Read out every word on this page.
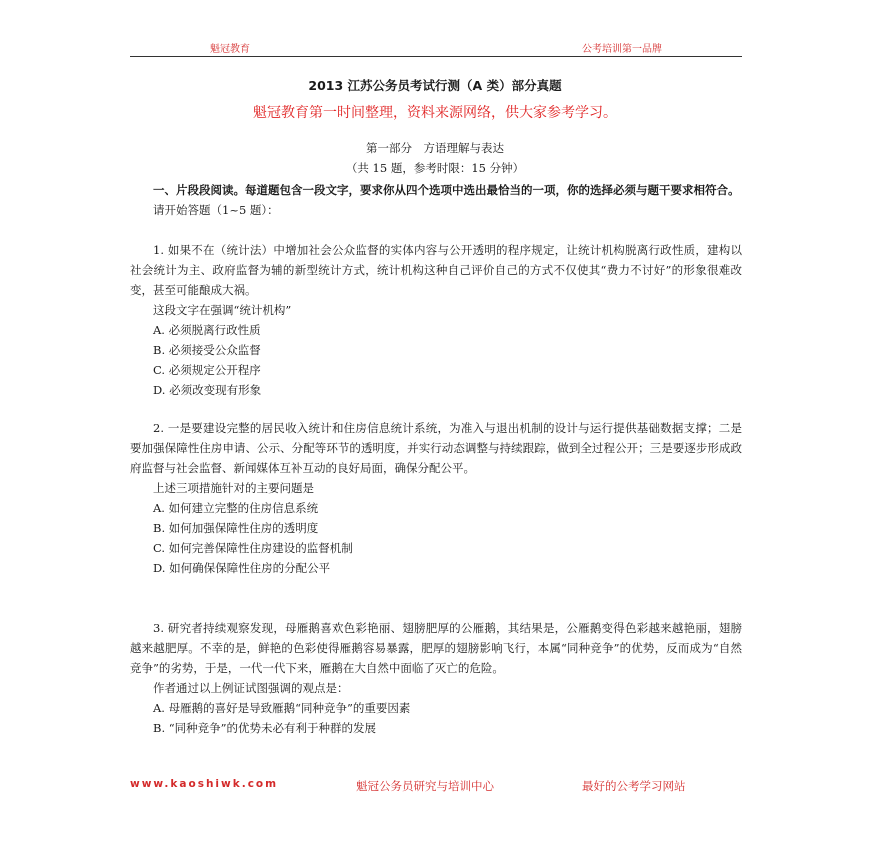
魁冠教育	公考培训第一品牌
2013 江苏公务员考试行测（A 类）部分真题
魁冠教育第一时间整理，资料来源网络，供大家参考学习。
第一部分　方语理解与表达
（共 15 题，参考时限：15 分钟）

一、片段段阅读。每道题包含一段文字，要求你从四个选项中选出最恰当的一项，你的选择必须与题干要求相符合。

请开始答题（1~5 题）：

1. 如果不在（统计法）中增加社会公众监督的实体内容与公开透明的程序规定，让统计机构脱离行政性质，建构以社会统计为主、政府监督为辅的新型统计方式，统计机构这种自己评价自己的方式不仅使其“费力不讨好”的形象很难改变，甚至可能酿成大祸。

这段文字在强调“统计机构”

A. 必须脱离行政性质

B. 必须接受公众监督

C. 必须规定公开程序

D. 必须改变现有形象

2. 一是要建设完整的居民收入统计和住房信息统计系统，为准入与退出机制的设计与运行提供基础数据支撑；二是要加强保障性住房申请、公示、分配等环节的透明度，并实行动态调整与持续跟踪，做到全过程公开；三是要逐步形成政府监督与社会监督、新闻媒体互补互动的良好局面，确保分配公平。

上述三项措施针对的主要问题是

A. 如何建立完整的住房信息系统

B. 如何加强保障性住房的透明度

C. 如何完善保障性住房建设的监督机制

D. 如何确保保障性住房的分配公平

3. 研究者持续观察发现，母雁鹅喜欢色彩艳丽、翅膀肥厚的公雁鹅，其结果是，公雁鹅变得色彩越来越艳丽，翅膀越来越肥厚。不幸的是，鲜艳的色彩使得雁鹅容易暴露，肥厚的翅膀影响飞行，本属“同种竞争”的优势，反而成为“自然竞争”的劣势，于是，一代一代下来，雁鹅在大自然中面临了灭亡的危险。

作者通过以上例证试图强调的观点是：

A. 母雁鹅的喜好是导致雁鹅“同种竞争”的重要因素

B. “同种竞争”的优势未必有利于种群的发展

www.kaoshiwk.com	魁冠公务员研究与培训中心	最好的公考学习网站
